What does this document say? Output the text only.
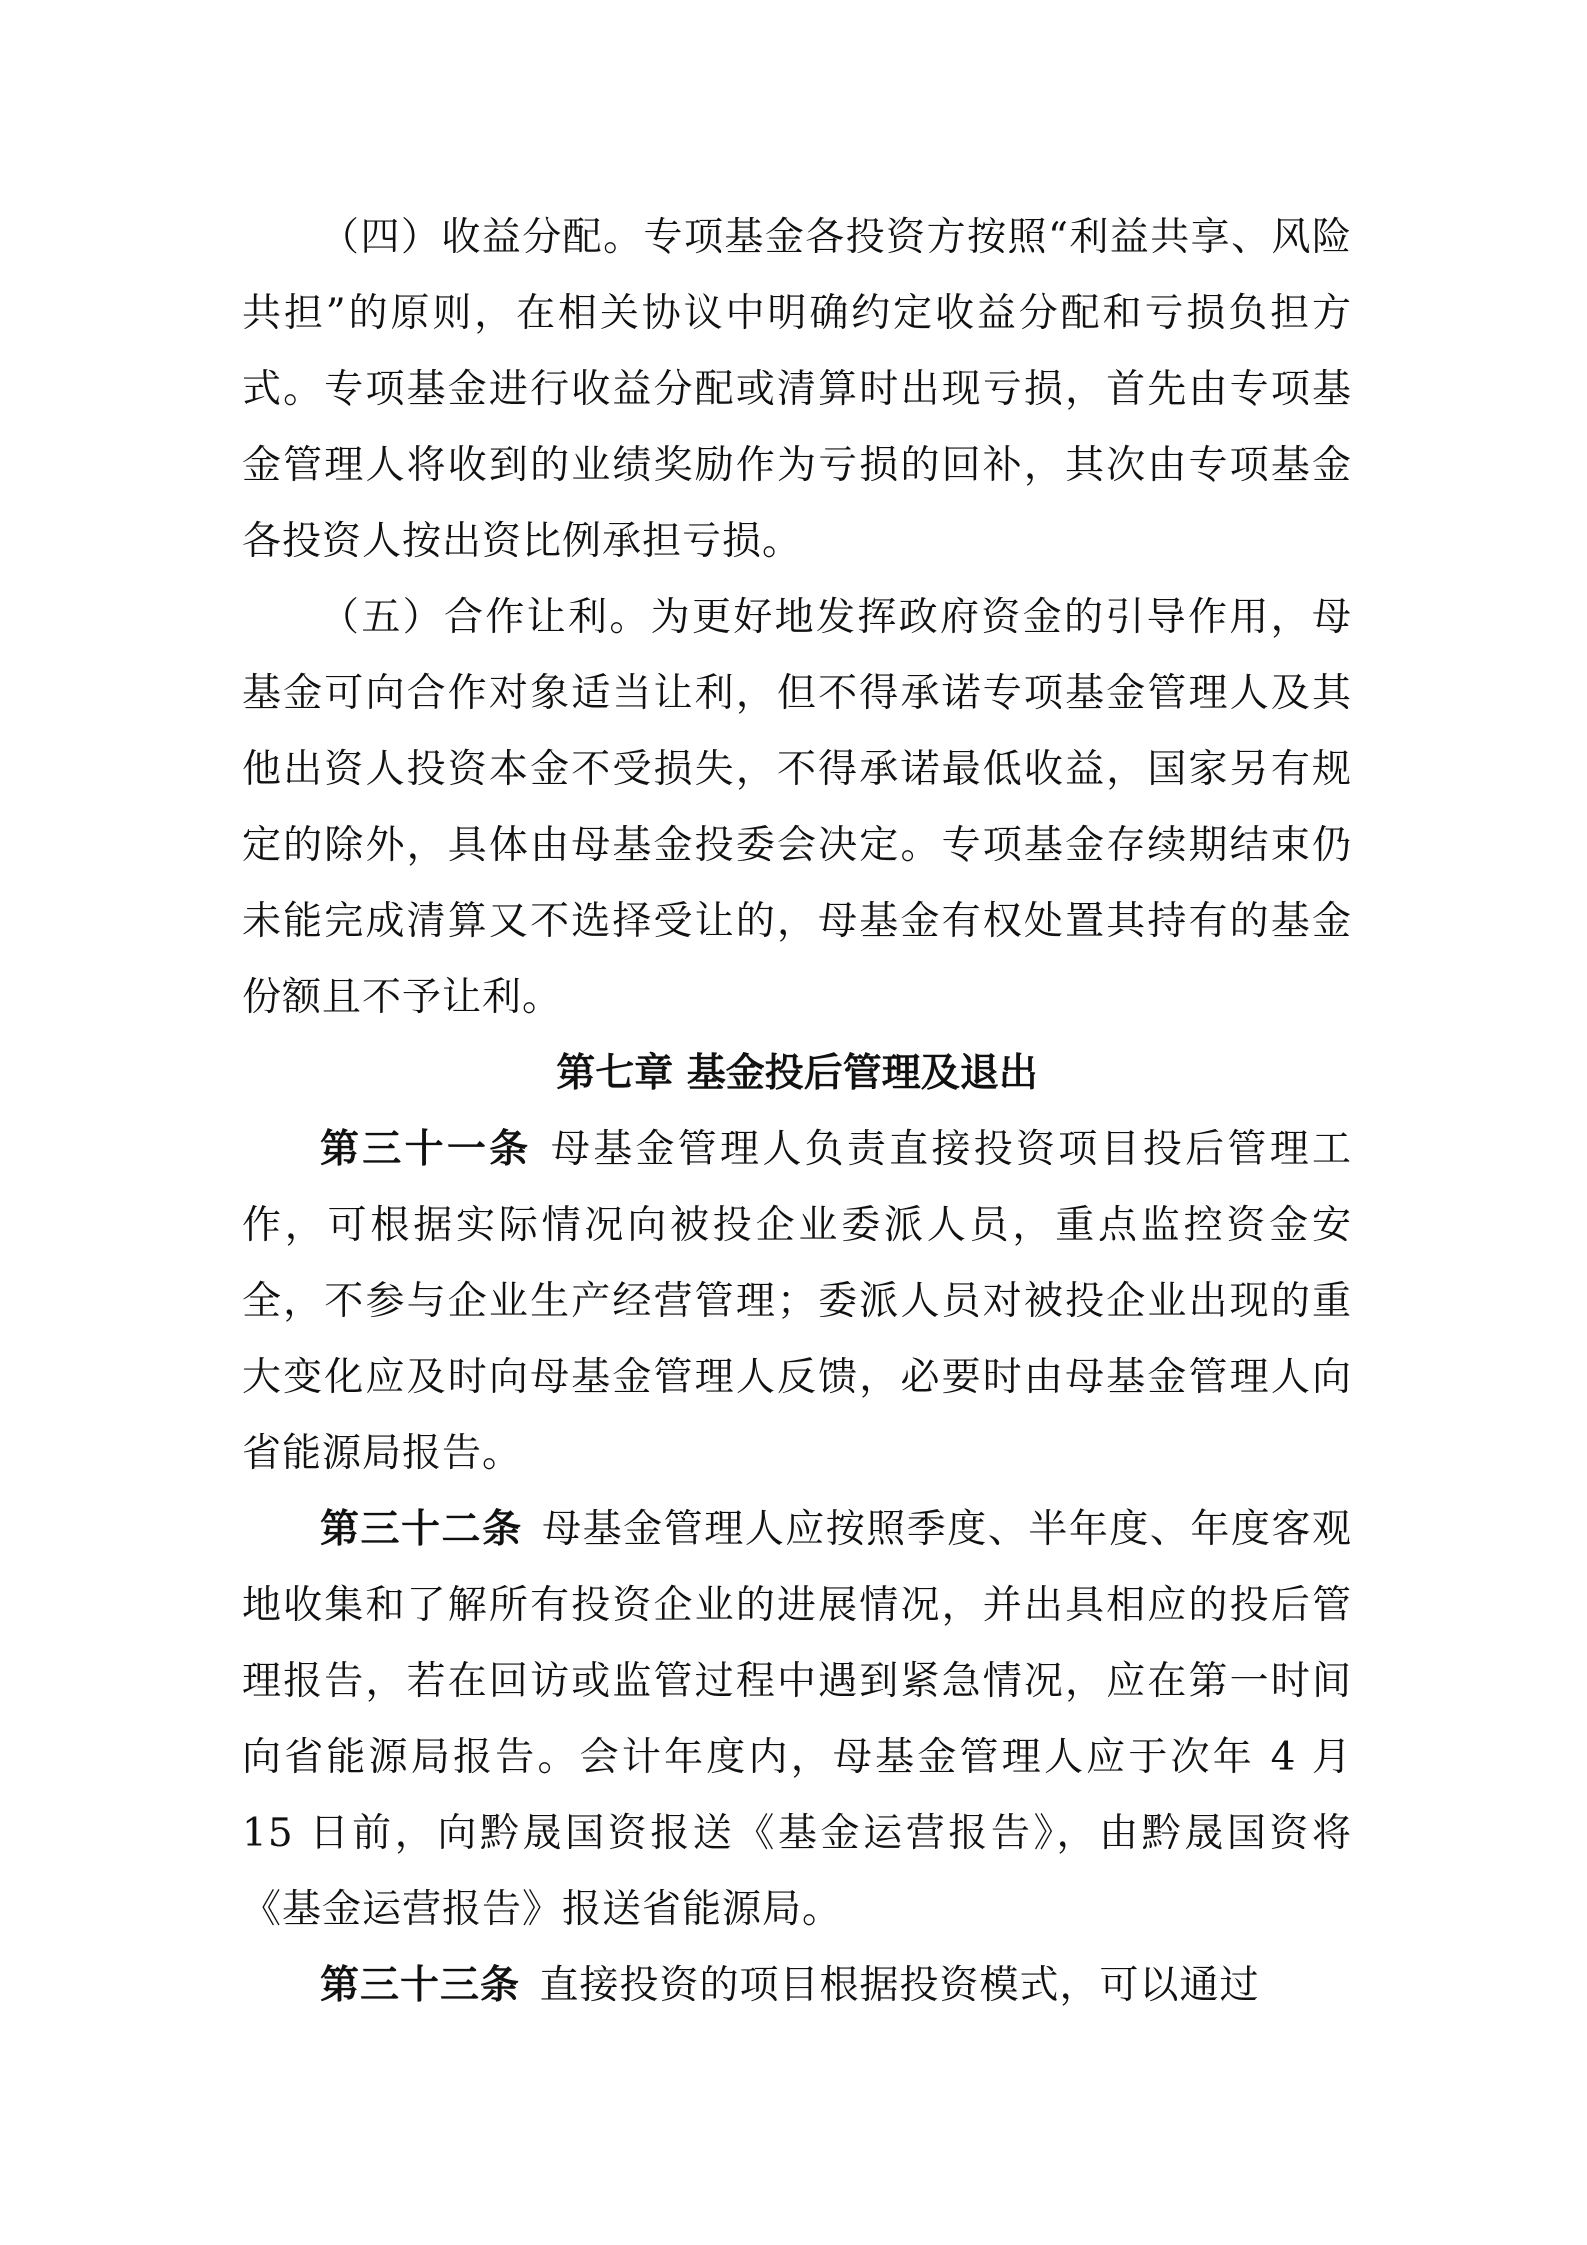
（四）收益分配。专项基金各投资方按照“利益共享、风险共担”的原则，在相关协议中明确约定收益分配和亏损负担方式。专项基金进行收益分配或清算时出现亏损，首先由专项基金管理人将收到的业绩奖励作为亏损的回补，其次由专项基金各投资人按出资比例承担亏损。

（五）合作让利。为更好地发挥政府资金的引导作用，母基金可向合作对象适当让利，但不得承诺专项基金管理人及其他出资人投资本金不受损失，不得承诺最低收益，国家另有规定的除外，具体由母基金投委会决定。专项基金存续期结束仍未能完成清算又不选择受让的，母基金有权处置其持有的基金份额且不予让利。

第七章 基金投后管理及退出

第三十一条 母基金管理人负责直接投资项目投后管理工作，可根据实际情况向被投企业委派人员，重点监控资金安全，不参与企业生产经营管理；委派人员对被投企业出现的重大变化应及时向母基金管理人反馈，必要时由母基金管理人向省能源局报告。

第三十二条 母基金管理人应按照季度、半年度、年度客观地收集和了解所有投资企业的进展情况，并出具相应的投后管理报告，若在回访或监管过程中遇到紧急情况，应在第一时间向省能源局报告。会计年度内，母基金管理人应于次年 4 月 15 日前，向黔晟国资报送《基金运营报告》，由黔晟国资将《基金运营报告》报送省能源局。

第三十三条 直接投资的项目根据投资模式，可以通过
